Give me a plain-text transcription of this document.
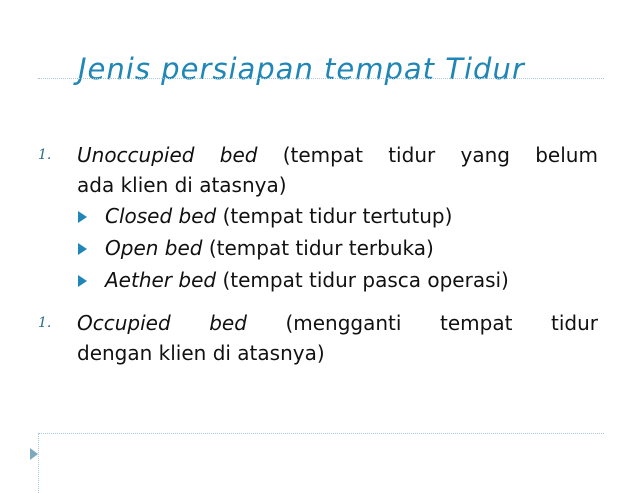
Jenis persiapan tempat Tidur
1. Unoccupied bed (tempat tidur yang belum
ada klien di atasnya)
Closed bed (tempat tidur tertutup)
Open bed (tempat tidur terbuka)
Aether bed (tempat tidur pasca operasi)
1. Occupied bed (mengganti tempat tidur
dengan klien di atasnya)
